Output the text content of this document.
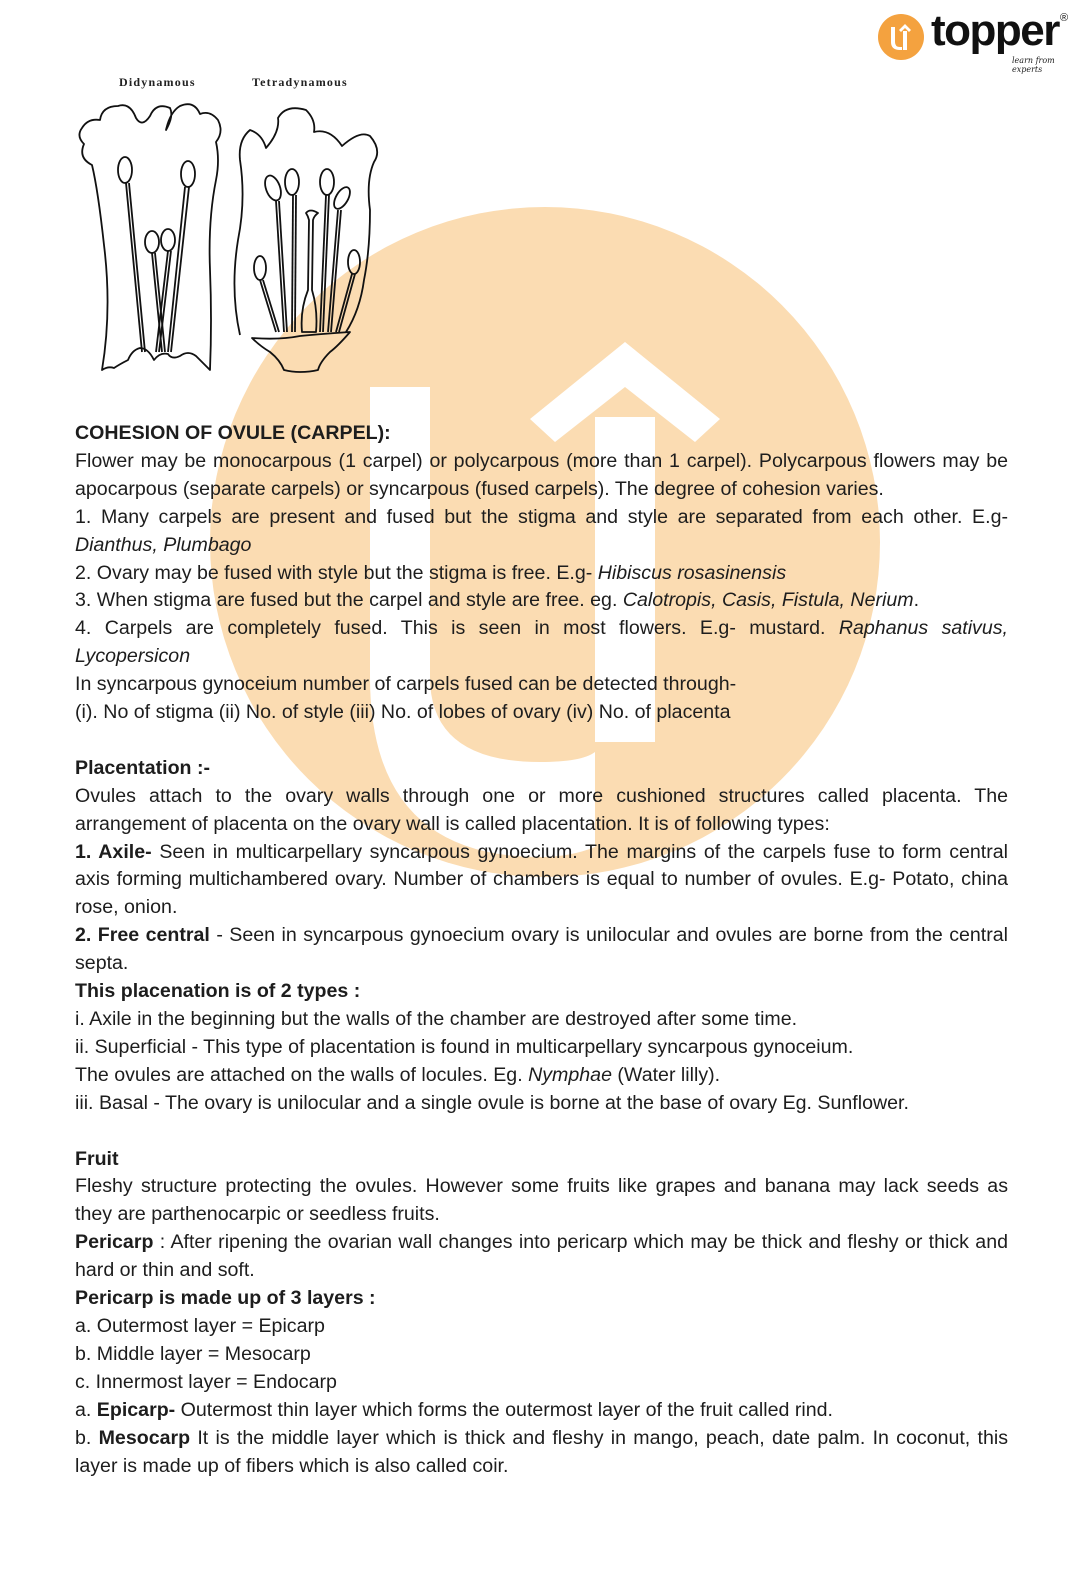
topper ®
learn from experts
Didynamous	Tetradynamous

COHESION OF OVULE (CARPEL):

Flower may be monocarpous (1 carpel) or polycarpous (more than 1 carpel). Polycarpous flowers may be apocarpous (separate carpels) or syncarpous (fused carpels). The degree of cohesion varies.

1. Many carpels are present and fused but the stigma and style are separated from each other. E.g- Dianthus, Plumbago

2. Ovary may be fused with style but the stigma is free. E.g- Hibiscus rosasinensis

3. When stigma are fused but the carpel and style are free. eg. Calotropis, Casis, Fistula, Nerium.

4. Carpels are completely fused. This is seen in most flowers. E.g- mustard. Raphanus sativus, Lycopersicon

In syncarpous gynoceium number of carpels fused can be detected through-

(i). No of stigma (ii) No. of style (iii) No. of lobes of ovary (iv) No. of placenta

Placentation :-

Ovules attach to the ovary walls through one or more cushioned structures called placenta. The arrangement of placenta on the ovary wall is called placentation. It is of following types:

1. Axile- Seen in multicarpellary syncarpous gynoecium. The margins of the carpels fuse to form central axis forming multichambered ovary. Number of chambers is equal to number of ovules. E.g- Potato, china rose, onion.

2. Free central - Seen in syncarpous gynoecium ovary is unilocular and ovules are borne from the central septa.

This placenation is of 2 types :

i. Axile in the beginning but the walls of the chamber are destroyed after some time.

ii. Superficial - This type of placentation is found in multicarpellary syncarpous gynoceium.

The ovules are attached on the walls of locules. Eg. Nymphae (Water lilly).

iii. Basal - The ovary is unilocular and a single ovule is borne at the base of ovary Eg. Sunflower.

Fruit

Fleshy structure protecting the ovules. However some fruits like grapes and banana may lack seeds as they are parthenocarpic or seedless fruits.

Pericarp : After ripening the ovarian wall changes into pericarp which may be thick and fleshy or thick and hard or thin and soft.

Pericarp is made up of 3 layers :

a. Outermost layer = Epicarp

b. Middle layer = Mesocarp

c. Innermost layer = Endocarp

a. Epicarp- Outermost thin layer which forms the outermost layer of the fruit called rind.

b. Mesocarp It is the middle layer which is thick and fleshy in mango, peach, date palm. In coconut, this layer is made up of fibers which is also called coir.
